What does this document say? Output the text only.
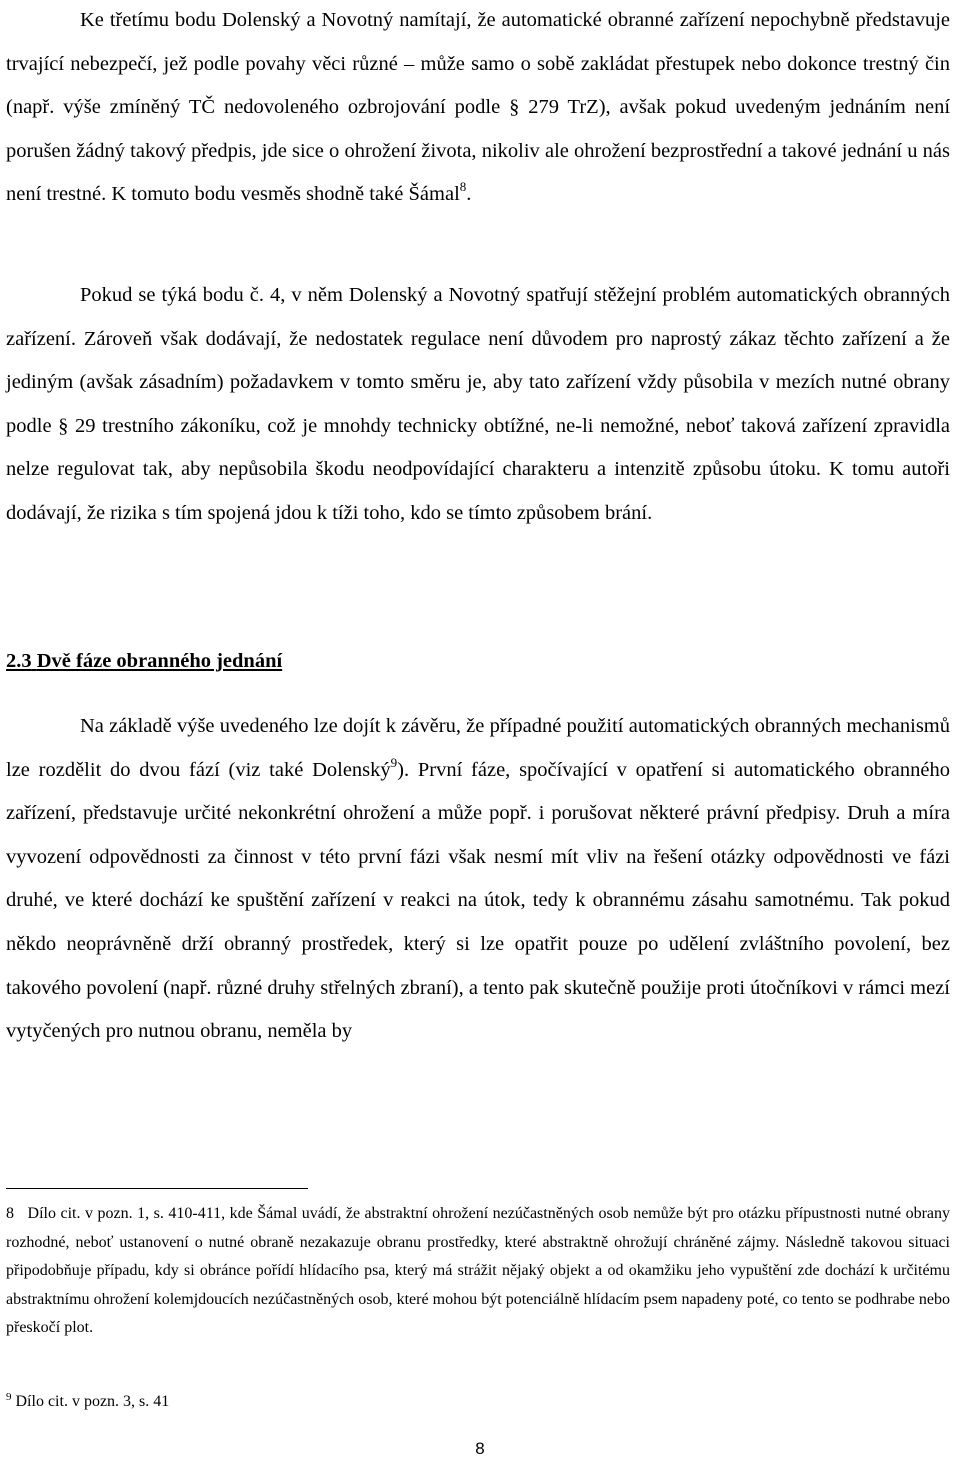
Ke třetímu bodu Dolenský a Novotný namítají, že automatické obranné zařízení nepochybně představuje trvající nebezpečí, jež podle povahy věci různé – může samo o sobě zakládat přestupek nebo dokonce trestný čin (např. výše zmíněný TČ nedovoleného ozbrojování podle § 279 TrZ), avšak pokud uvedeným jednáním není porušen žádný takový předpis, jde sice o ohrožení života, nikoliv ale ohrožení bezprostřední a takové jednání u nás není trestné. K tomuto bodu vesměs shodně také Šámal$^8$.

Pokud se týká bodu č. 4, v něm Dolenský a Novotný spatřují stěžejní problém automatických obranných zařízení. Zároveň však dodávají, že nedostatek regulace není důvodem pro naprostý zákaz těchto zařízení a že jediným (avšak zásadním) požadavkem v tomto směru je, aby tato zařízení vždy působila v mezích nutné obrany podle § 29 trestního zákoníku, což je mnohdy technicky obtížné, ne-li nemožné, neboť taková zařízení zpravidla nelze regulovat tak, aby nepůsobila škodu neodpovídající charakteru a intenzitě způsobu útoku. K tomu autoři dodávají, že rizika s tím spojená jdou k tíži toho, kdo se tímto způsobem brání.

2.3 Dvě fáze obranného jednání

Na základě výše uvedeného lze dojít k závěru, že případné použití automatických obranných mechanismů lze rozdělit do dvou fází (viz také Dolenský$^9$). První fáze, spočívající v opatření si automatického obranného zařízení, představuje určité nekonkrétní ohrožení a může popř. i porušovat některé právní předpisy. Druh a míra vyvození odpovědnosti za činnost v této první fázi však nesmí mít vliv na řešení otázky odpovědnosti ve fázi druhé, ve které dochází ke spuštění zařízení v reakci na útok, tedy k obrannému zásahu samotnému. Tak pokud někdo neoprávněně drží obranný prostředek, který si lze opatřit pouze po udělení zvláštního povolení, bez takového povolení (např. různé druhy střelných zbraní), a tento pak skutečně použije proti útočníkovi v rámci mezí vytyčených pro nutnou obranu, neměla by

8 Dílo cit. v pozn. 1, s. 410-411, kde Šámal uvádí, že abstraktní ohrožení nezúčastněných osob nemůže být pro otázku přípustnosti nutné obrany rozhodné, neboť ustanovení o nutné obraně nezakazuje obranu prostředky, které abstraktně ohrožují chráněné zájmy. Následně takovou situaci připodobňuje případu, kdy si obránce pořídí hlídacího psa, který má strážit nějaký objekt a od okamžiku jeho vypuštění zde dochází k určitému abstraktnímu ohrožení kolemjdoucích nezúčastněných osob, které mohou být potenciálně hlídacím psem napadeny poté, co tento se podhrabe nebo přeskočí plot.

$^9$ Dílo cit. v pozn. 3, s. 41

8
